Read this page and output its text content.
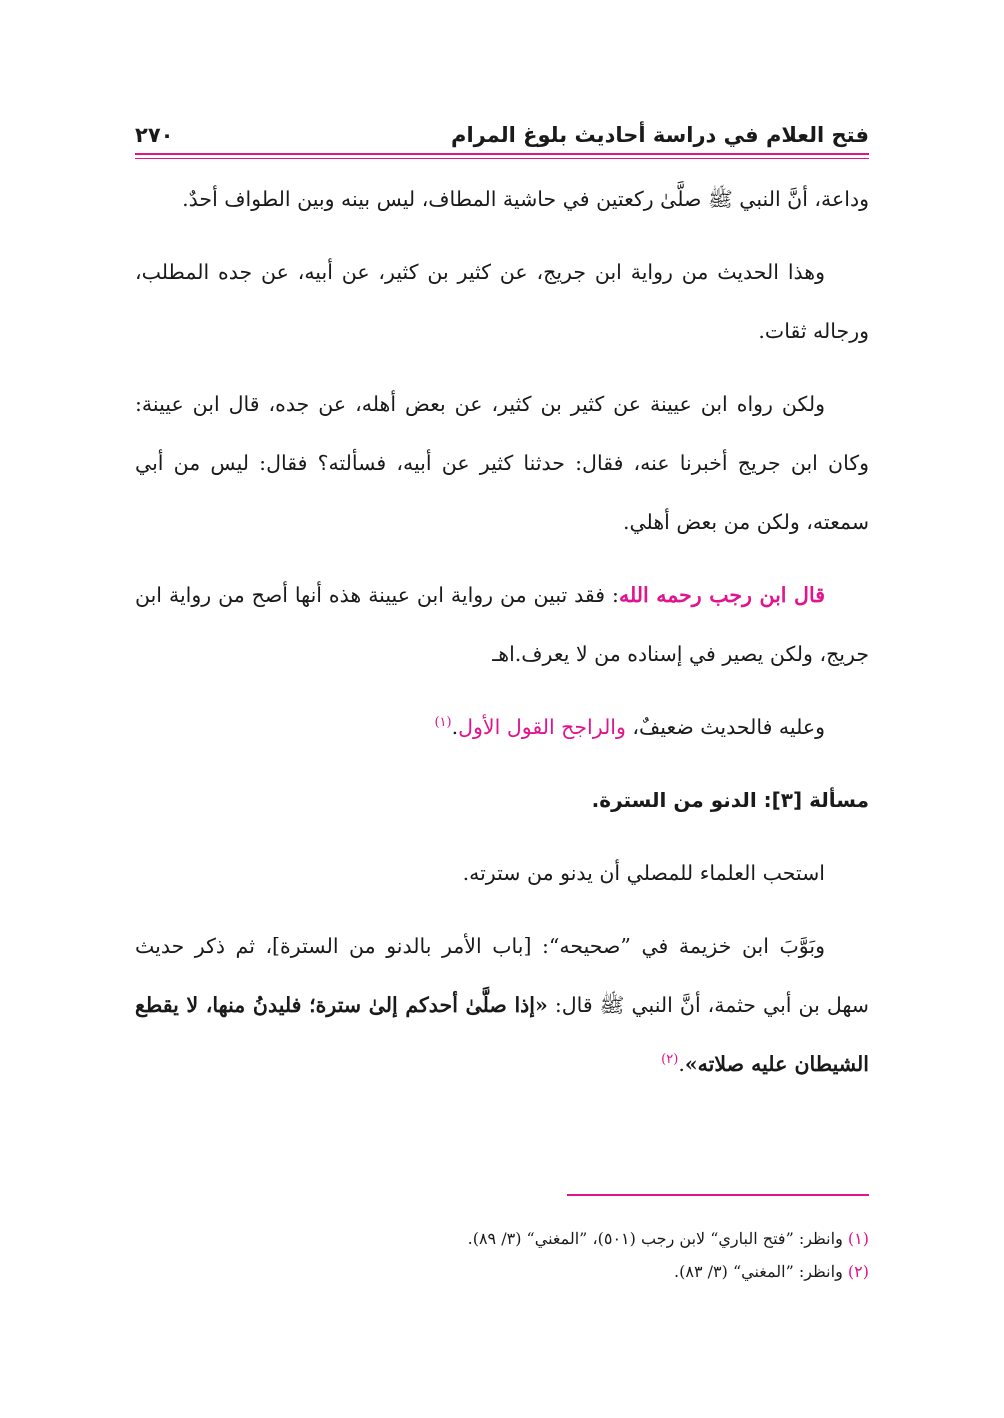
فتح العلام في دراسة أحاديث بلوغ المرام
٢٧٠

وداعة، أنَّ النبي ﷺ صلَّىٰ ركعتين في حاشية المطاف، ليس بينه وبين الطواف أحدٌ.

وهذا الحديث من رواية ابن جريج، عن كثير بن كثير، عن أبيه، عن جده المطلب، ورجاله ثقات.

ولكن رواه ابن عيينة عن كثير بن كثير، عن بعض أهله، عن جده، قال ابن عيينة: وكان ابن جريج أخبرنا عنه، فقال: حدثنا كثير عن أبيه، فسألته؟ فقال: ليس من أبي سمعته، ولكن من بعض أهلي.

قال ابن رجب رحمه الله: فقد تبين من رواية ابن عيينة هذه أنها أصح من رواية ابن جريج، ولكن يصير في إسناده من لا يعرف.اهـ

وعليه فالحديث ضعيفٌ، والراجح القول الأول.$^{(١)}$

مسألة [٣]: الدنو من السترة.

استحب العلماء للمصلي أن يدنو من سترته.

وبَوَّبَ ابن خزيمة في ”صحيحه“: [باب الأمر بالدنو من السترة]، ثم ذكر حديث سهل بن أبي حثمة، أنَّ النبي ﷺ قال: «إذا صلَّىٰ أحدكم إلىٰ سترة؛ فليدنُ منها، لا يقطع الشيطان عليه صلاته».$^{(٢)}$

(١) وانظر: ”فتح الباري“ لابن رجب (٥٠١)، ”المغني“ (٣/ ٨٩).

(٢) وانظر: ”المغني“ (٣/ ٨٣).
